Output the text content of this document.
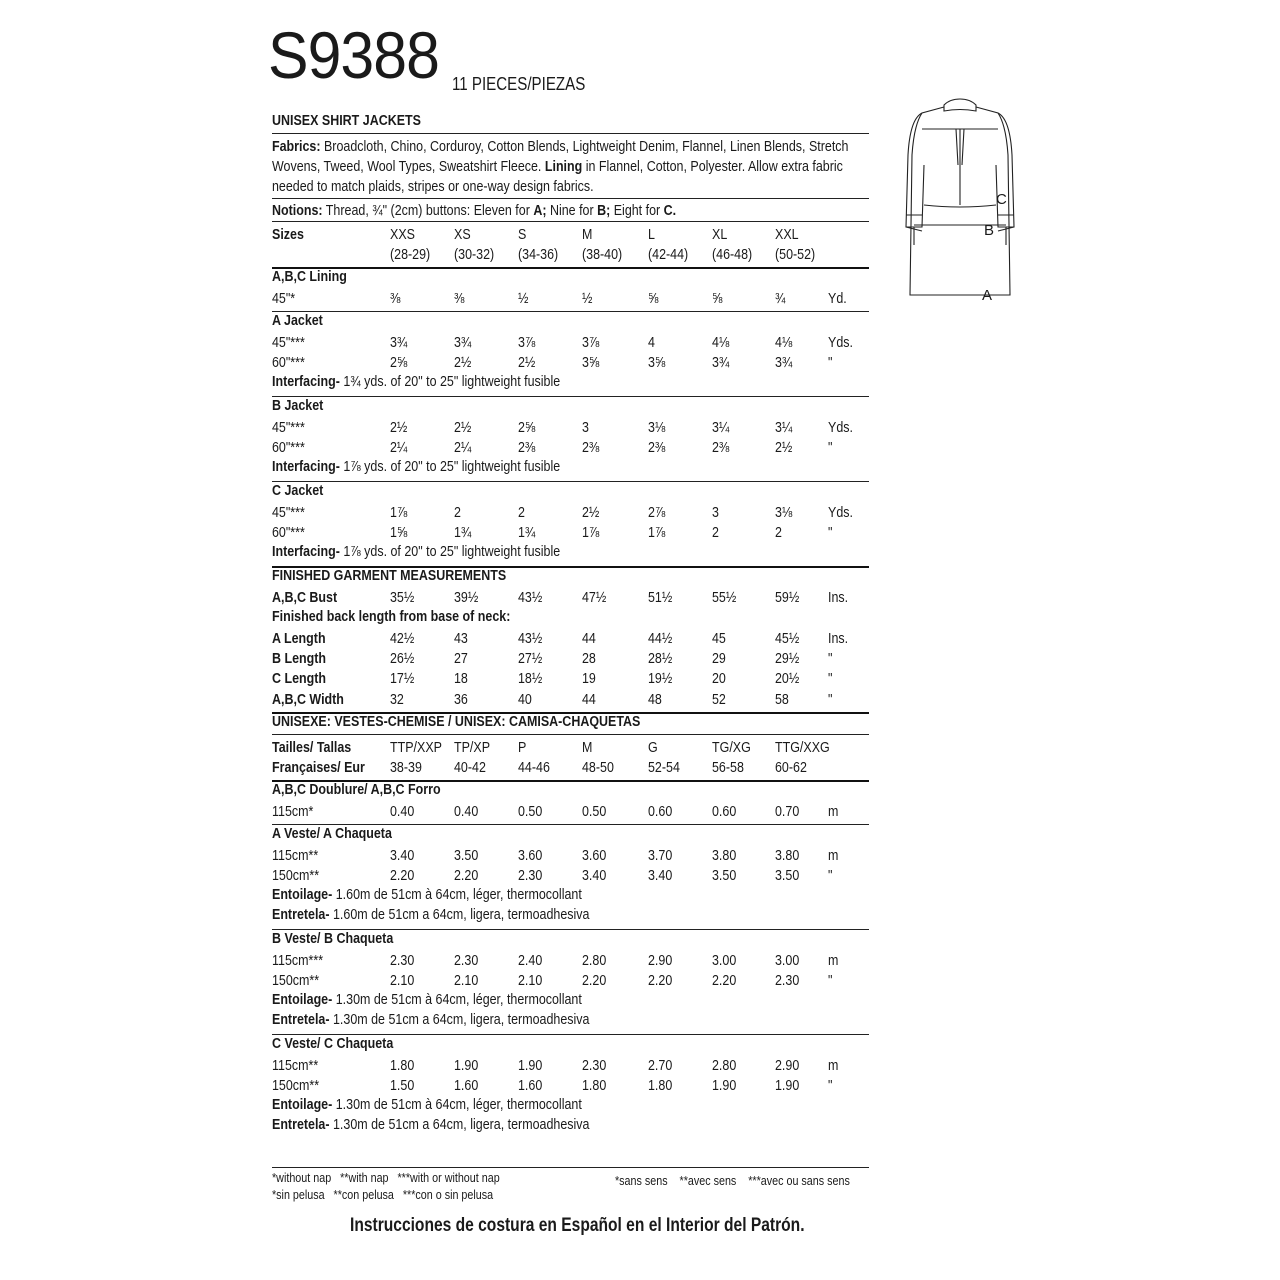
S9388 11 PIECES/PIEZAS
UNISEX SHIRT JACKETS
Fabrics: Broadcloth, Chino, Corduroy, Cotton Blends, Lightweight Denim, Flannel, Linen Blends, Stretch Wovens, Tweed, Wool Types, Sweatshirt Fleece. Lining in Flannel, Cotton, Polyester. Allow extra fabric needed to match plaids, stripes or one-way design fabrics.
Notions: Thread, ¾" (2cm) buttons: Eleven for A; Nine for B; Eight for C.
Sizes	XXS	XS	S	M	L	XL	XXL
(28-29) (30-32) (34-36) (38-40) (42-44) (46-48) (50-52)
A,B,C Lining
45"*	⅜	⅜	½	½	⅝	⅝	¾	Yd.
A Jacket
45"***	3¾	3¾	3⅞	3⅞	4	4⅛	4⅛ Yds.
60"***	2⅝	2½	2½	3⅝	3⅝	3¾	3¾ "
Interfacing- 1¾ yds. of 20" to 25" lightweight fusible
B Jacket
45"***	2½	2½	2⅝	3	3⅛	3¼	3¼ Yds.
60"***	2¼	2¼	2⅜	2⅜	2⅜	2⅜	2½ "
Interfacing- 1⅞ yds. of 20" to 25" lightweight fusible
C Jacket
45"***	1⅞	2	2	2½	2⅞	3	3⅛ Yds.
60"***	1⅝	1¾	1¾	1⅞	1⅞	2	2	"
Interfacing- 1⅞ yds. of 20" to 25" lightweight fusible
FINISHED GARMENT MEASUREMENTS
A,B,C Bust	35½	39½	43½	47½	51½	55½	59½ Ins.
Finished back length from base of neck:
A Length	42½	43	43½	44	44½	45	45½ Ins.
B Length	26½	27	27½	28	28½	29	29½ "
C Length	17½	18	18½	19	19½	20	20½ "
A,B,C Width	32	36	40	44	48	52	58	"
UNISEXE: VESTES-CHEMISE / UNISEX: CAMISA-CHAQUETAS
Tailles/ Tallas	TTP/XXP TP/XP P	M	G	TG/XG TTG/XXG
Françaises/ Eur 38-39 40-42 44-46 48-50 52-54 56-58 60-62
A,B,C Doublure/ A,B,C Forro
115cm*	0.40	0.40	0.50	0.50	0.60	0.60	0.70 m
A Veste/ A Chaqueta
115cm**	3.40	3.50	3.60	3.60	3.70	3.80	3.80 m
150cm**	2.20	2.20	2.30	3.40	3.40	3.50	3.50 "
Entoilage- 1.60m de 51cm à 64cm, léger, thermocollant
Entretela- 1.60m de 51cm a 64cm, ligera, termoadhesiva
B Veste/ B Chaqueta
115cm***	2.30	2.30	2.40	2.80	2.90	3.00	3.00 m
150cm**	2.10	2.10	2.10	2.20	2.20	2.20	2.30 "
Entoilage- 1.30m de 51cm à 64cm, léger, thermocollant
Entretela- 1.30m de 51cm a 64cm, ligera, termoadhesiva
C Veste/ C Chaqueta
115cm**	1.80	1.90	1.90	2.30	2.70	2.80	2.90 m
150cm**	1.50	1.60	1.60	1.80	1.80	1.90	1.90 "
Entoilage- 1.30m de 51cm à 64cm, léger, thermocollant
Entretela- 1.30m de 51cm a 64cm, ligera, termoadhesiva
*without nap   **with nap   ***with or without nap
*sin pelusa   **con pelusa   ***con o sin pelusa
*sans sens    **avec sens    ***avec ou sans sens
Instrucciones de costura en Español en el Interior del Patrón.
C
B
A
